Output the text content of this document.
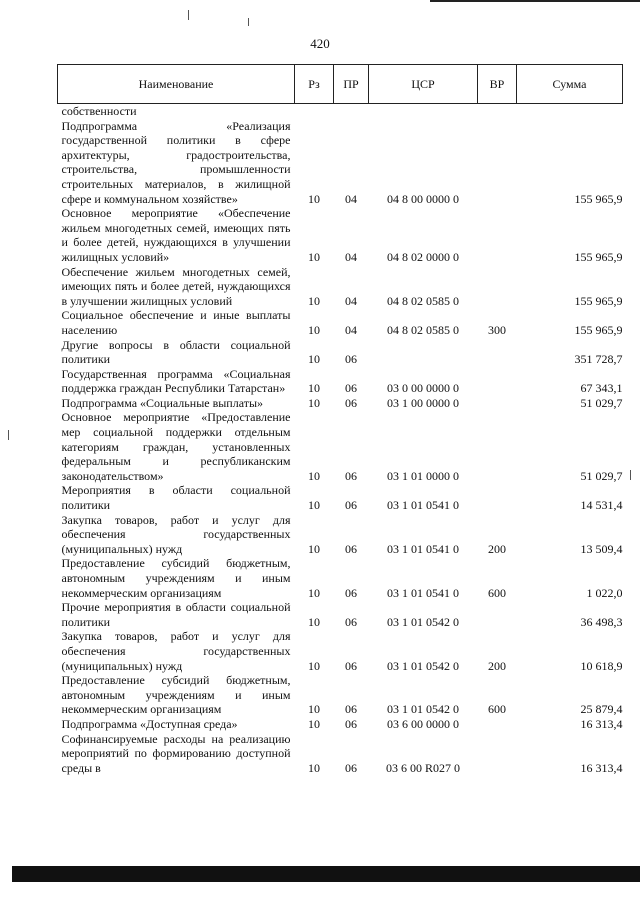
420
Наименование	Рз	ПР	ЦСР	ВР	Сумма
собственности					
Подпрограмма «Реализация государственной политики в сфере архитектуры, градостроительства, строительства, промышленности строительных материалов, в жилищной сфере и коммунальном хозяйстве»	10	04	04 8 00 0000 0		155 965,9
Основное мероприятие «Обеспечение жильем многодетных семей, имеющих пять и более детей, нуждающихся в улучшении жилищных условий»	10	04	04 8 02 0000 0		155 965,9
Обеспечение жильем многодетных семей, имеющих пять и более детей, нуждающихся в улучшении жилищных условий	10	04	04 8 02 0585 0		155 965,9
Социальное обеспечение и иные выплаты населению	10	04	04 8 02 0585 0	300	155 965,9
Другие вопросы в области социальной политики	10	06			351 728,7
Государственная программа «Социальная поддержка граждан Республики Татарстан»	10	06	03 0 00 0000 0		67 343,1
Подпрограмма «Социальные выплаты»	10	06	03 1 00 0000 0		51 029,7
Основное мероприятие «Предоставление мер социальной поддержки отдельным категориям граждан, установленных федеральным и республиканским законодательством»	10	06	03 1 01 0000 0		51 029,7
Мероприятия в области социальной политики	10	06	03 1 01 0541 0		14 531,4
Закупка товаров, работ и услуг для обеспечения государственных (муниципальных) нужд	10	06	03 1 01 0541 0	200	13 509,4
Предоставление субсидий бюджетным, автономным учреждениям и иным некоммерческим организациям	10	06	03 1 01 0541 0	600	1 022,0
Прочие мероприятия в области социальной политики	10	06	03 1 01 0542 0		36 498,3
Закупка товаров, работ и услуг для обеспечения государственных (муниципальных) нужд	10	06	03 1 01 0542 0	200	10 618,9
Предоставление субсидий бюджетным, автономным учреждениям и иным некоммерческим организациям	10	06	03 1 01 0542 0	600	25 879,4
Подпрограмма «Доступная среда»	10	06	03 6 00 0000 0		16 313,4
Софинансируемые расходы на реализацию мероприятий по формированию доступной среды в	10	06	03 6 00 R027 0		16 313,4
